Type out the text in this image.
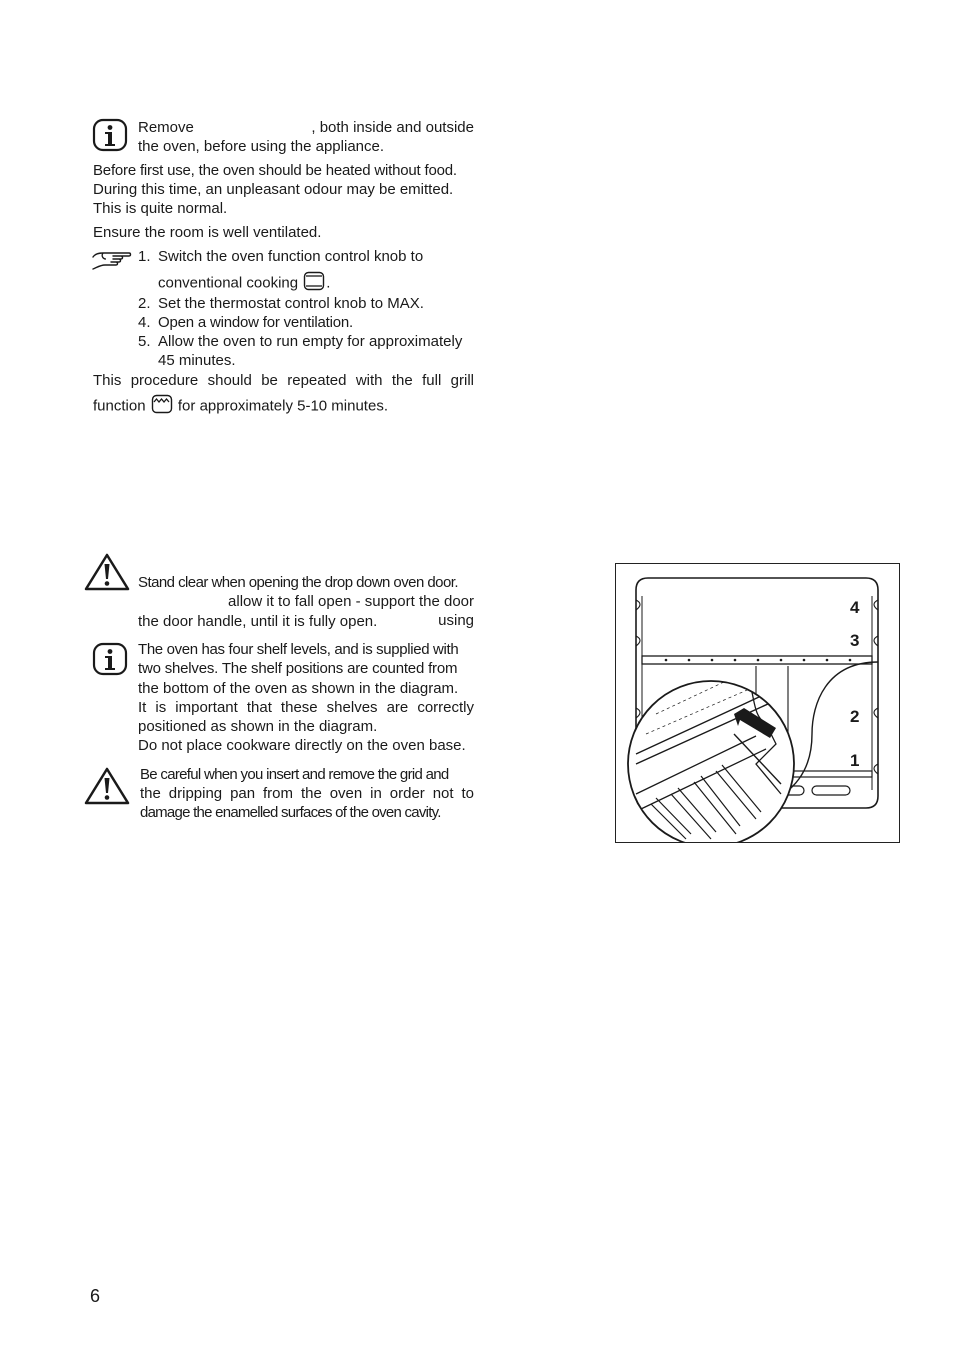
Remove	, both inside and outside
the oven, before using the appliance.
Before first use, the oven should be heated without food.
During this time, an unpleasant odour may be emitted.
This is quite normal.
Ensure the room is well ventilated.
1. Switch the oven function control knob to
conventional cooking .
2. Set the thermostat control knob to MAX.
4. Open a window for ventilation.
5. Allow the oven to run empty for approximately
45 minutes.
This procedure should be repeated with the full grill
function for approximately 5-10 minutes.
Stand clear when opening the drop down oven door.
allow it to fall open - support the door using
the door handle, until it is fully open.
The oven has four shelf levels, and is supplied with
two shelves. The shelf positions are counted from
the bottom of the oven as shown in the diagram.
It is important that these shelves are correctly
positioned as shown in the diagram.
Do not place cookware directly on the oven base.
Be careful when you insert and remove the grid and
the dripping pan from the oven in order not to
damage the enamelled surfaces of the oven cavity.
4
3
2
1
6
